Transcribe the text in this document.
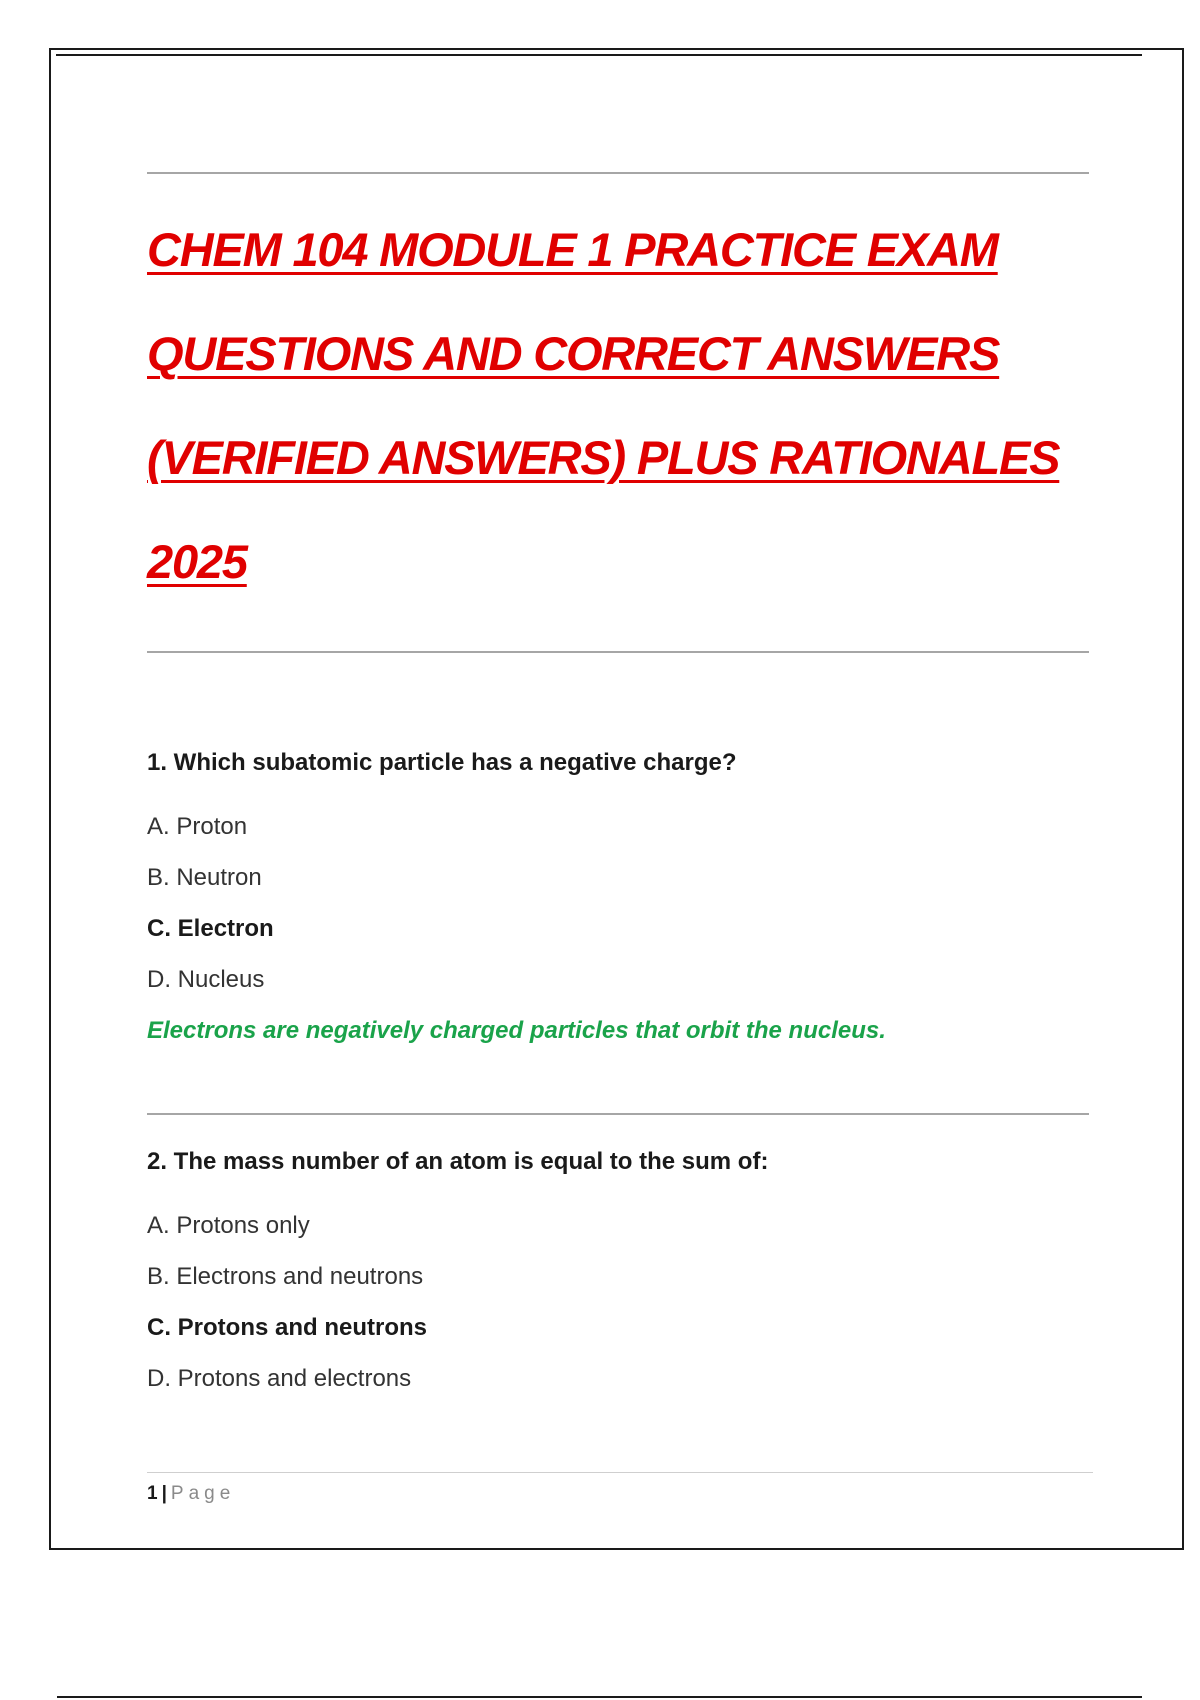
CHEM 104 MODULE 1 PRACTICE EXAM
QUESTIONS AND CORRECT ANSWERS
(VERIFIED ANSWERS) PLUS RATIONALES
2025

1. Which subatomic particle has a negative charge?

A. Proton
B. Neutron
C. Electron
D. Nucleus

Electrons are negatively charged particles that orbit the nucleus.

2. The mass number of an atom is equal to the sum of:

A. Protons only
B. Electrons and neutrons
C. Protons and neutrons
D. Protons and electrons
1 | Page
